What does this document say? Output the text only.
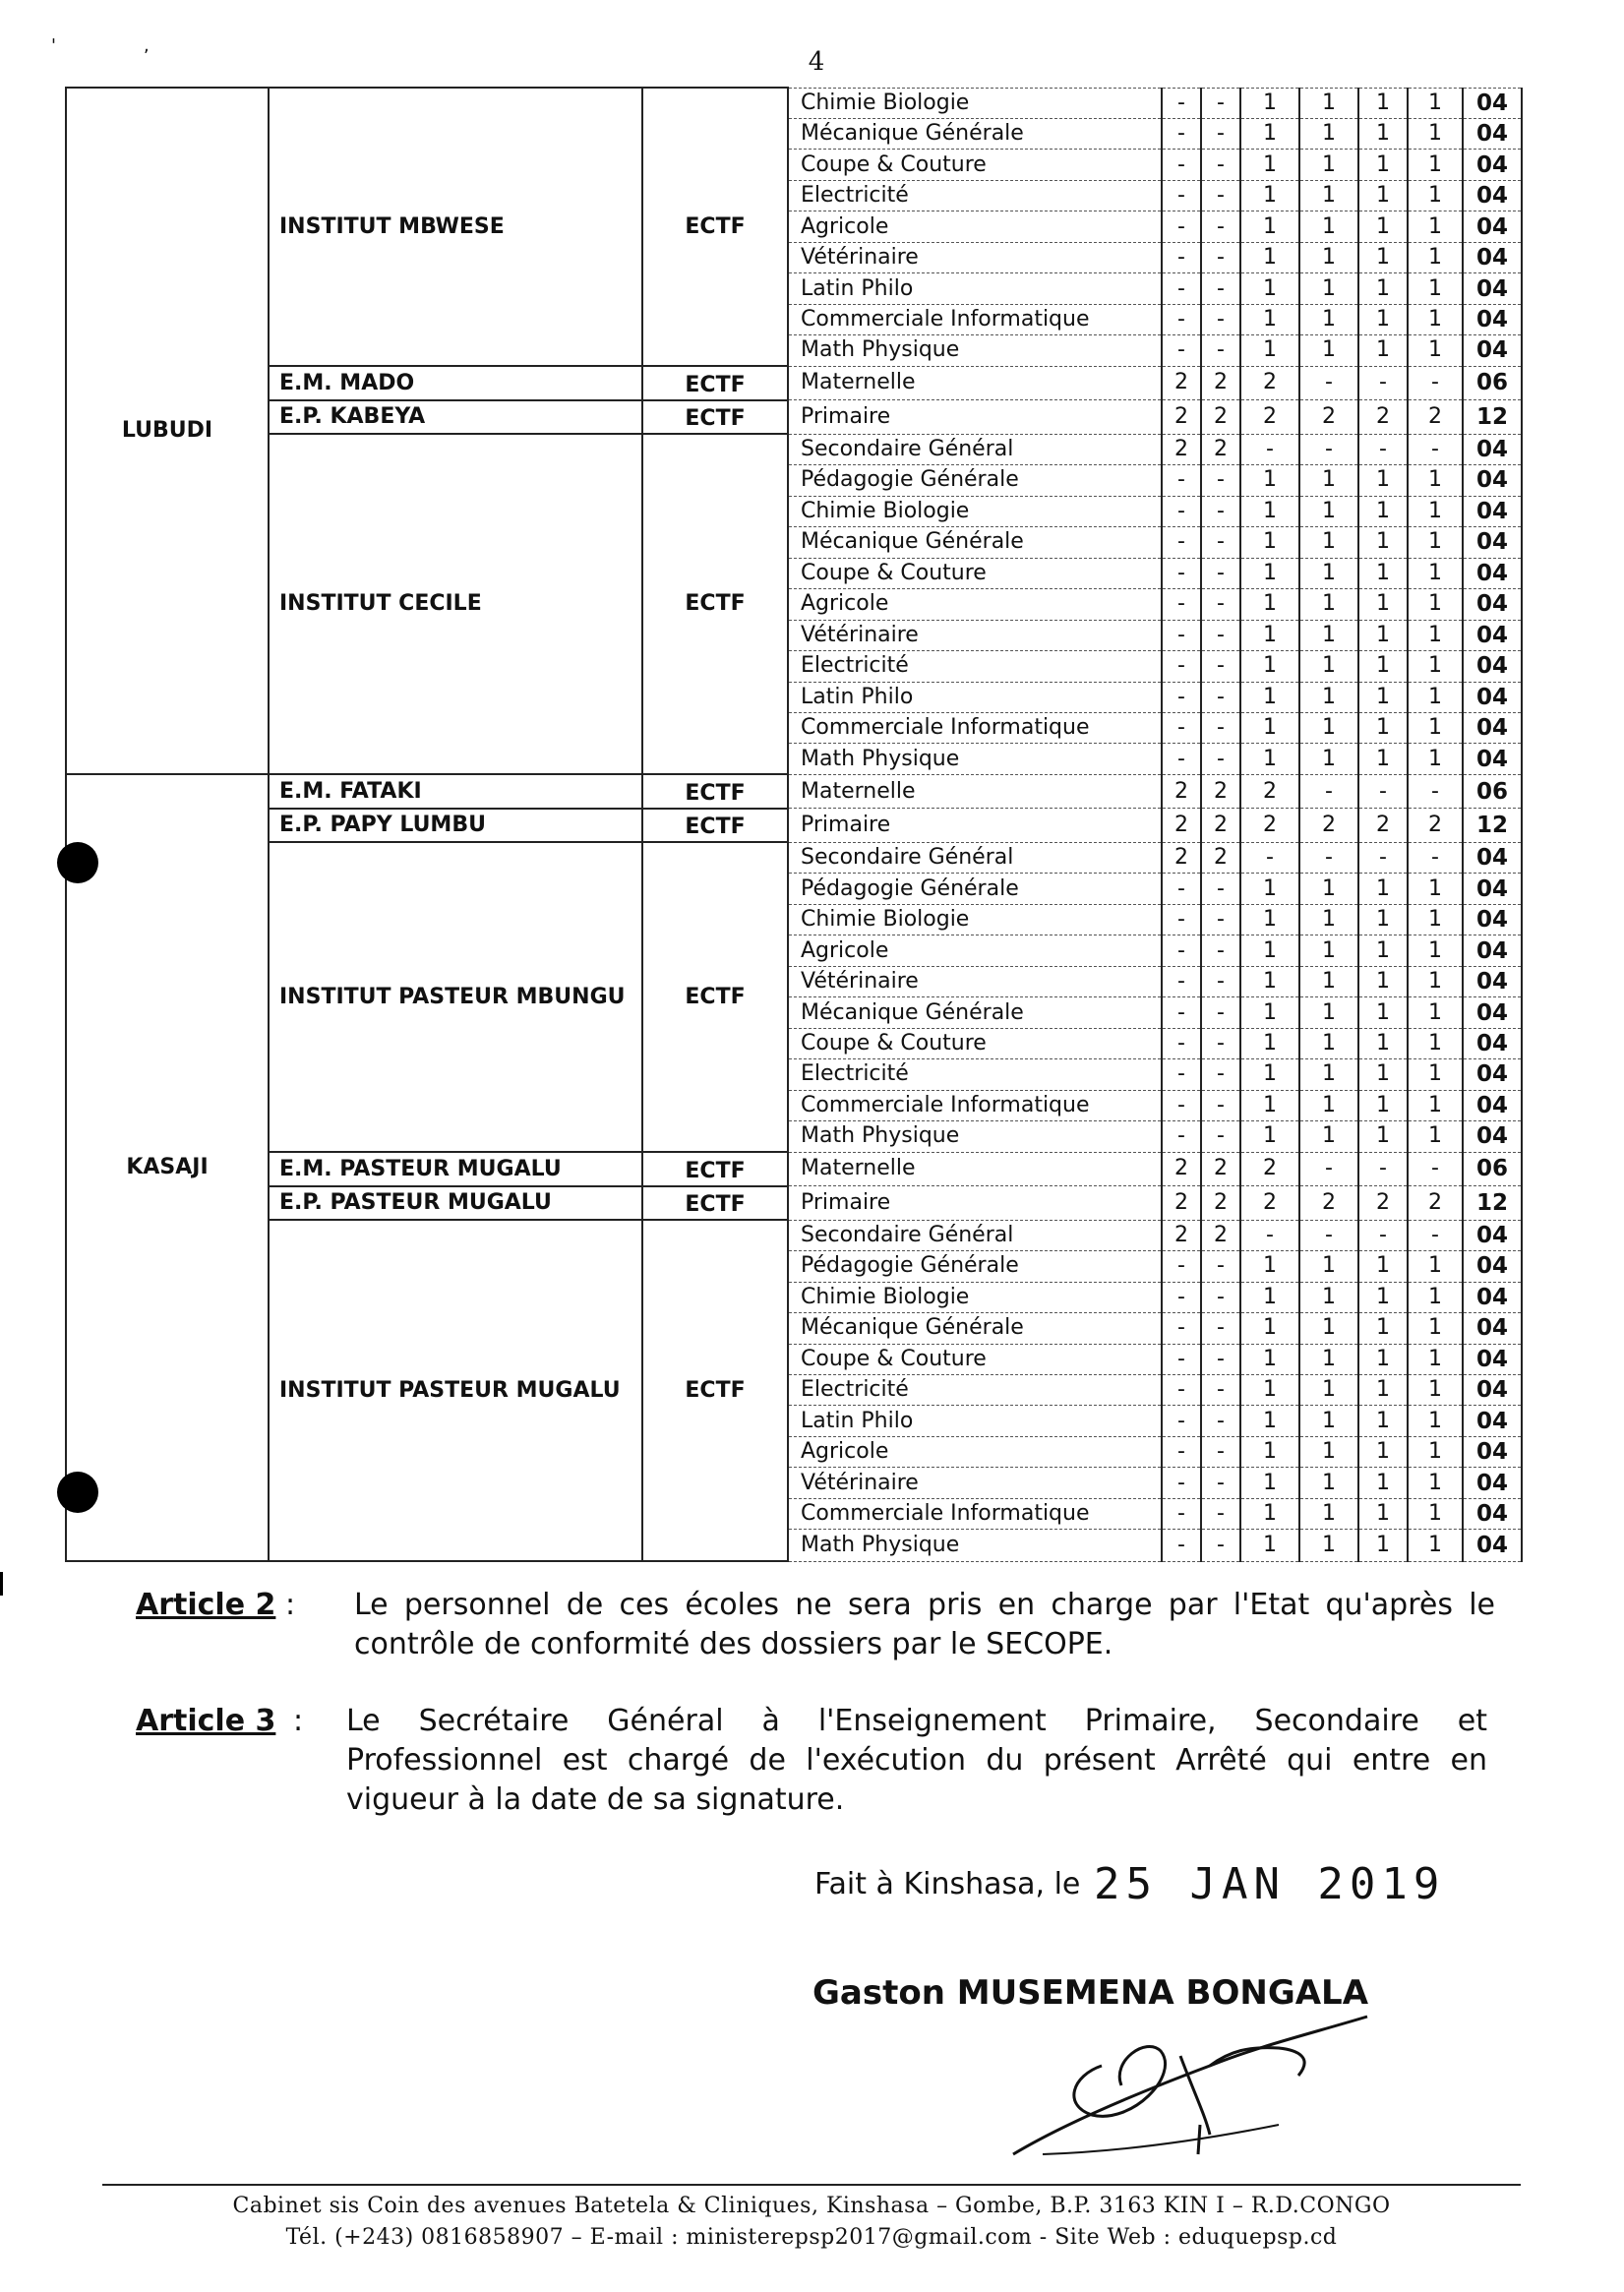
'	,
4
LUBUDI	INSTITUT MBWESE	ECTF	Chimie Biologie	-	-	1	1	1	1	04
			Mécanique Générale	-	-	1	1	1	1	04
			Coupe & Couture	-	-	1	1	1	1	04
			Electricité	-	-	1	1	1	1	04
			Agricole	-	-	1	1	1	1	04
			Vétérinaire	-	-	1	1	1	1	04
			Latin Philo	-	-	1	1	1	1	04
			Commerciale Informatique	-	-	1	1	1	1	04
			Math Physique	-	-	1	1	1	1	04
	E.M. MADO	ECTF	Maternelle	2	2	2	-	-	-	06
	E.P. KABEYA	ECTF	Primaire	2	2	2	2	2	2	12
	INSTITUT CECILE	ECTF	Secondaire Général	2	2	-	-	-	-	04
			Pédagogie Générale	-	-	1	1	1	1	04
			Chimie Biologie	-	-	1	1	1	1	04
			Mécanique Générale	-	-	1	1	1	1	04
			Coupe & Couture	-	-	1	1	1	1	04
			Agricole	-	-	1	1	1	1	04
			Vétérinaire	-	-	1	1	1	1	04
			Electricité	-	-	1	1	1	1	04
			Latin Philo	-	-	1	1	1	1	04
			Commerciale Informatique	-	-	1	1	1	1	04
			Math Physique	-	-	1	1	1	1	04
KASAJI	E.M. FATAKI	ECTF	Maternelle	2	2	2	-	-	-	06
	E.P. PAPY LUMBU	ECTF	Primaire	2	2	2	2	2	2	12
	INSTITUT PASTEUR MBUNGU	ECTF	Secondaire Général	2	2	-	-	-	-	04
			Pédagogie Générale	-	-	1	1	1	1	04
			Chimie Biologie	-	-	1	1	1	1	04
			Agricole	-	-	1	1	1	1	04
			Vétérinaire	-	-	1	1	1	1	04
			Mécanique Générale	-	-	1	1	1	1	04
			Coupe & Couture	-	-	1	1	1	1	04
			Electricité	-	-	1	1	1	1	04
			Commerciale Informatique	-	-	1	1	1	1	04
			Math Physique	-	-	1	1	1	1	04
	E.M. PASTEUR MUGALU	ECTF	Maternelle	2	2	2	-	-	-	06
	E.P. PASTEUR MUGALU	ECTF	Primaire	2	2	2	2	2	2	12
	INSTITUT PASTEUR MUGALU	ECTF	Secondaire Général	2	2	-	-	-	-	04
			Pédagogie Générale	-	-	1	1	1	1	04
			Chimie Biologie	-	-	1	1	1	1	04
			Mécanique Générale	-	-	1	1	1	1	04
			Coupe & Couture	-	-	1	1	1	1	04
			Electricité	-	-	1	1	1	1	04
			Latin Philo	-	-	1	1	1	1	04
			Agricole	-	-	1	1	1	1	04
			Vétérinaire	-	-	1	1	1	1	04
			Commerciale Informatique	-	-	1	1	1	1	04
			Math Physique	-	-	1	1	1	1	04
Article 2 : Le personnel de ces écoles ne sera pris en charge par l'Etat qu'après le contrôle de conformité des dossiers par le SECOPE.
Article 3 : Le Secrétaire Général à l'Enseignement Primaire, Secondaire et Professionnel est chargé de l'exécution du présent Arrêté qui entre en vigueur à la date de sa signature.
Fait à Kinshasa, le 25 JAN 2019
Gaston MUSEMENA BONGALA
Cabinet sis Coin des avenues Batetela & Cliniques, Kinshasa – Gombe, B.P. 3163 KIN I – R.D.CONGO
Tél. (+243) 0816858907 – E-mail : ministerepsp2017@gmail.com - Site Web : eduquepsp.cd
